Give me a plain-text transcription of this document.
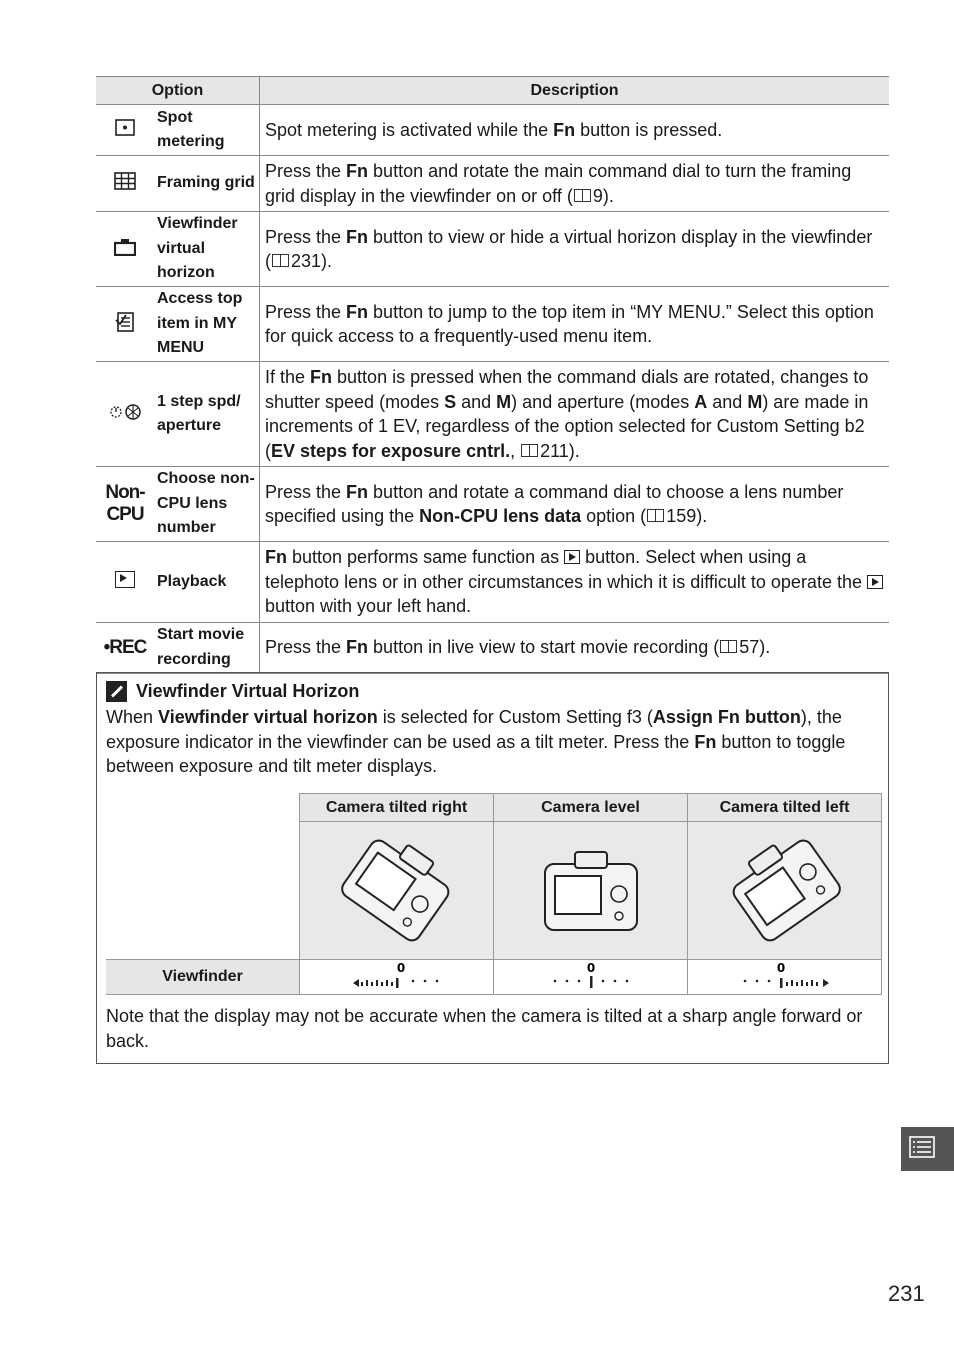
Option		Description
	Spot metering	Spot metering is activated while the Fn button is pressed.
	Framing grid	Press the Fn button and rotate the main command dial to turn the framing grid display in the viewfinder on or off ( 9).
	Viewfinder virtual horizon	Press the Fn button to view or hide a virtual horizon display in the viewfinder ( 231).
	Access top item in MY MENU	Press the Fn button to jump to the top item in “MY MENU.” Select this option for quick access to a frequently-used menu item.
	1 step spd/ aperture	If the Fn button is pressed when the command dials are rotated, changes to shutter speed (modes S and M) and aperture (modes A and M) are made in increments of 1 EV, regardless of the option selected for Custom Setting b2 (EV steps for exposure cntrl., 211).
Non-CPU	Choose non-CPU lens number	Press the Fn button and rotate a command dial to choose a lens number specified using the Non-CPU lens data option ( 159).
	Playback	Fn button performs same function as  button. Select when using a telephoto lens or in other circumstances in which it is difficult to operate the  button with your left hand.
•REC	Start movie recording	Press the Fn button in live view to start movie recording ( 57).
Viewfinder Virtual Horizon
When Viewfinder virtual horizon is selected for Custom Setting f3 (Assign Fn button), the exposure indicator in the viewfinder can be used as a tilt meter. Press the Fn button to toggle between exposure and tilt meter displays.
	Camera tilted right	Camera level	Camera tilted left

Viewfinder	0	0	0
Note that the display may not be accurate when the camera is tilted at a sharp angle forward or back.
231
